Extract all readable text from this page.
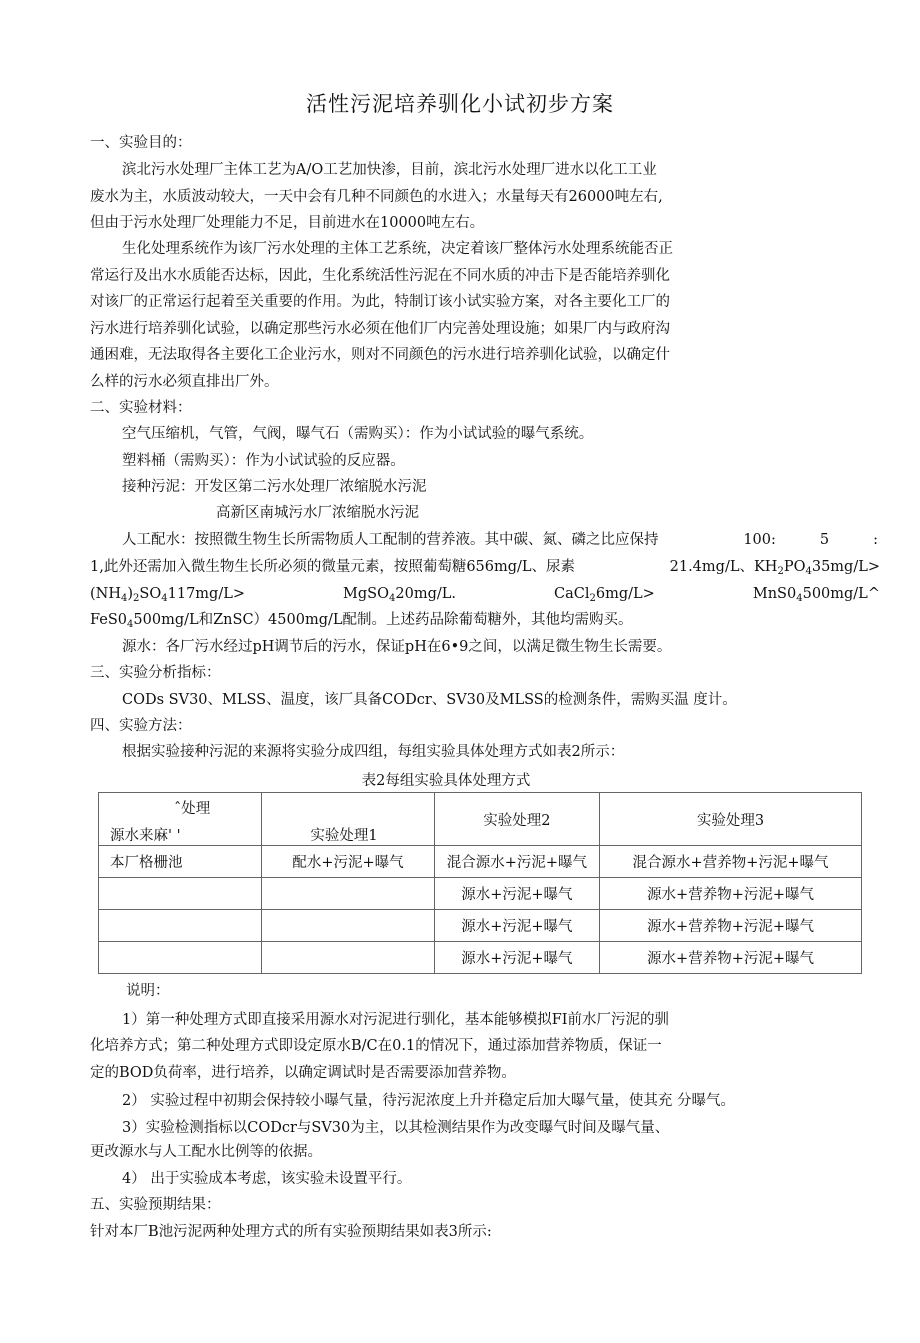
活性污泥培养驯化小试初步方案
一、实验目的：
滨北污水处理厂主体工艺为A/O工艺加快渗，目前，滨北污水处理厂进水以化工工业
废水为主，水质波动较大，一天中会有几种不同颜色的水进入；水量每天有26000吨左右,
但由于污水处理厂处理能力不足，目前进水在10000吨左右。
生化处理系统作为该厂污水处理的主体工艺系统，决定着该厂整体污水处理系统能否正
常运行及出水水质能否达标，因此，生化系统活性污泥在不同水质的冲击下是否能培养驯化
对该厂的正常运行起着至关重要的作用。为此，特制订该小试实验方案，对各主要化工厂的
污水进行培养驯化试验，以确定那些污水必须在他们厂内完善处理设施；如果厂内与政府沟
通困难，无法取得各主要化工企业污水，则对不同颜色的污水进行培养驯化试验，以确定什
么样的污水必须直排出厂外。
二、实验材料：
空气压缩机，气管，气阀，曝气石（需购买）：作为小试试验的曝气系统。
塑料桶（需购买）：作为小试试验的反应器。
接种污泥：开发区第二污水处理厂浓缩脱水污泥
高新区南城污水厂浓缩脱水污泥
人工配水：按照微生物生长所需物质人工配制的营养液。其中碳、氮、磷之比应保持	100:	5	:
1,此外还需加入微生物生长所必须的微量元素，按照葡萄糖656mg/L、尿素	21.4mg/L、$KH_2PO_435mg/L>$
$(NH_4)_2SO_4117mg/L>$	MgSO$_4$20mg/L.	CaCl$_2$6mg/L>	$MnS0_4500mg/L\^{}$
$FeS0_4500mg/L$和ZnSC）4500mg/L配制。上述药品除葡萄糖外，其他均需购买。
源水：各厂污水经过pH调节后的污水，保证pH在6•9之间，以满足微生物生长需要。
三、实验分析指标：
CODs SV30、MLSS、温度，该厂具备CODcr、SV30及MLSS的检测条件，需购买温 度计。
四、实验方法：
根据实验接种污泥的来源将实验分成四组，每组实验具体处理方式如表2所示：
表2每组实验具体处理方式
ˆ处理
源水来麻' '	实验处理1	实验处理2	实验处理3
本厂格栅池	配水+污泥+曝气	混合源水+污泥+曝气	混合源水+营养物+污泥+曝气
		源水+污泥+曝气	源水+营养物+污泥+曝气
		源水+污泥+曝气	源水+营养物+污泥+曝气
		源水+污泥+曝气	源水+营养物+污泥+曝气
说明：
1）第一种处理方式即直接采用源水对污泥进行驯化，基本能够模拟FI前水厂污泥的驯
化培养方式；第二种处理方式即设定原水B/C在0.1的情况下，通过添加营养物质，保证一
定的BOD负荷率，进行培养，以确定调试时是否需要添加营养物。
2） 实验过程中初期会保持较小曝气量，待污泥浓度上升并稳定后加大曝气量，使其充 分曝气。
3）实验检测指标以CODcr与SV30为主，以其检测结果作为改变曝气时间及曝气量、
更改源水与人工配水比例等的依据。
4） 出于实验成本考虑，该实验未设置平行。
五、实验预期结果：
针对本厂B池污泥两种处理方式的所有实验预期结果如表3所示:
